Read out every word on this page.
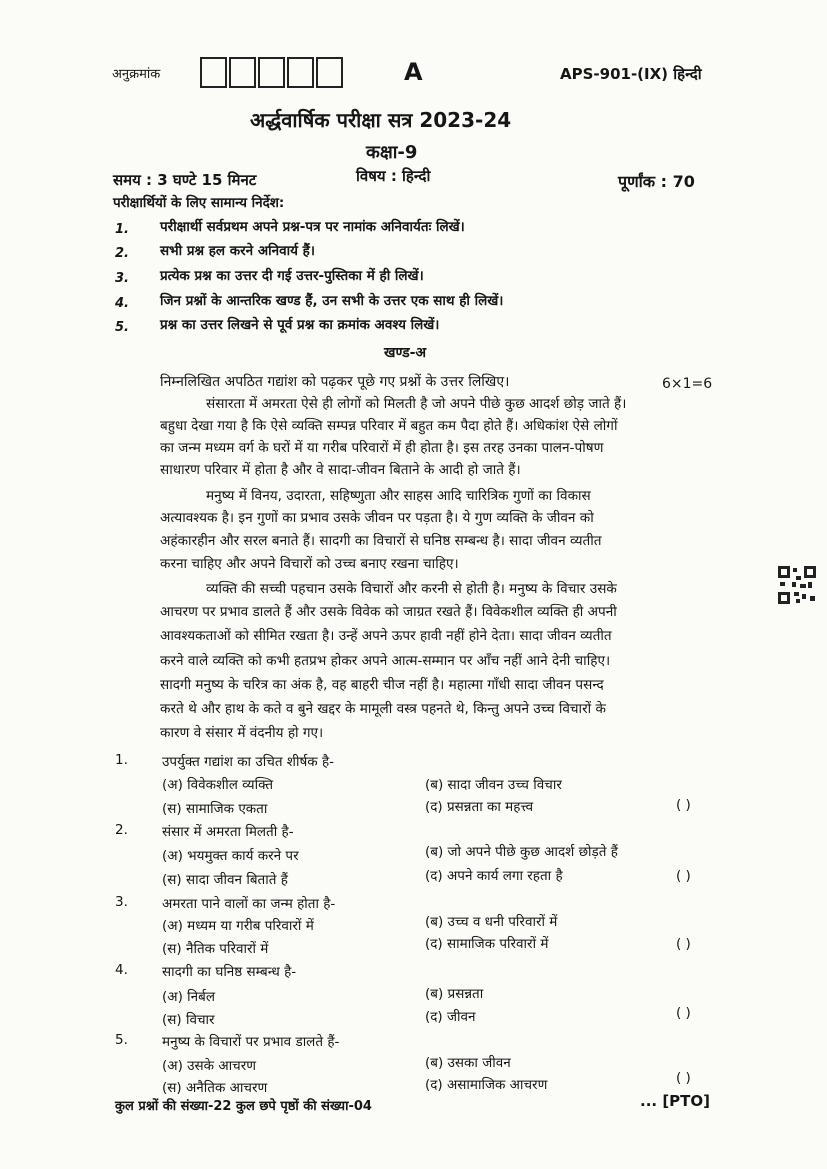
अनुक्रमांक	A	APS-901-(IX) हिन्दी
अर्द्धवार्षिक परीक्षा सत्र 2023-24
कक्षा-9
समय : 3 घण्टे 15 मिनट	विषय : हिन्दी	पूर्णांक : 70
परीक्षार्थियों के लिए सामान्य निर्देश:
1. परीक्षार्थी सर्वप्रथम अपने प्रश्न-पत्र पर नामांक अनिवार्यतः लिखें।
2. सभी प्रश्न हल करने अनिवार्य हैं।
3. प्रत्येक प्रश्न का उत्तर दी गई उत्तर-पुस्तिका में ही लिखें।
4. जिन प्रश्नों के आन्तरिक खण्ड हैं, उन सभी के उत्तर एक साथ ही लिखें।
5. प्रश्न का उत्तर लिखने से पूर्व प्रश्न का क्रमांक अवश्य लिखें।
खण्ड-अ
निम्नलिखित अपठित गद्यांश को पढ़कर पूछे गए प्रश्नों के उत्तर लिखिए।	6×1=6
संसारता में अमरता ऐसे ही लोगों को मिलती है जो अपने पीछे कुछ आदर्श छोड़ जाते हैं।
बहुधा देखा गया है कि ऐसे व्यक्ति सम्पन्न परिवार में बहुत कम पैदा होते हैं। अधिकांश ऐसे लोगों
का जन्म मध्यम वर्ग के घरों में या गरीब परिवारों में ही होता है। इस तरह उनका पालन-पोषण
साधारण परिवार में होता है और वे सादा-जीवन बिताने के आदी हो जाते हैं।
मनुष्य में विनय, उदारता, सहिष्णुता और साहस आदि चारित्रिक गुणों का विकास
अत्यावश्यक है। इन गुणों का प्रभाव उसके जीवन पर पड़ता है। ये गुण व्यक्ति के जीवन को
अहंकारहीन और सरल बनाते हैं। सादगी का विचारों से घनिष्ठ सम्बन्ध है। सादा जीवन व्यतीत
करना चाहिए और अपने विचारों को उच्च बनाए रखना चाहिए।
व्यक्ति की सच्ची पहचान उसके विचारों और करनी से होती है। मनुष्य के विचार उसके
आचरण पर प्रभाव डालते हैं और उसके विवेक को जाग्रत रखते हैं। विवेकशील व्यक्ति ही अपनी
आवश्यकताओं को सीमित रखता है। उन्हें अपने ऊपर हावी नहीं होने देता। सादा जीवन व्यतीत
करने वाले व्यक्ति को कभी हतप्रभ होकर अपने आत्म-सम्मान पर आँच नहीं आने देनी चाहिए।
सादगी मनुष्य के चरित्र का अंक है, वह बाहरी चीज नहीं है। महात्मा गाँधी सादा जीवन पसन्द
करते थे और हाथ के कते व बुने खद्दर के मामूली वस्त्र पहनते थे, किन्तु अपने उच्च विचारों के
कारण वे संसार में वंदनीय हो गए।
1.	उपर्युक्त गद्यांश का उचित शीर्षक है-
(अ) विवेकशील व्यक्ति	(ब) सादा जीवन उच्च विचार
(स) सामाजिक एकता	(द) प्रसन्नता का महत्त्व	( )
2.	संसार में अमरता मिलती है-
(अ) भयमुक्त कार्य करने पर	(ब) जो अपने पीछे कुछ आदर्श छोड़ते हैं
(स) सादा जीवन बिताते हैं	(द) अपने कार्य लगा रहता है	( )
3.	अमरता पाने वालों का जन्म होता है-
(अ) मध्यम या गरीब परिवारों में	(ब) उच्च व धनी परिवारों में
(स) नैतिक परिवारों में	(द) सामाजिक परिवारों में	( )
4.	सादगी का घनिष्ठ सम्बन्ध है-
(अ) निर्बल	(ब) प्रसन्नता
(स) विचार	(द) जीवन	( )
5.	मनुष्य के विचारों पर प्रभाव डालते हैं-
(अ) उसके आचरण	(ब) उसका जीवन
(स) अनैतिक आचरण	(द) असामाजिक आचरण	( )
कुल प्रश्नों की संख्या-22 कुल छपे पृष्ठों की संख्या-04	... [PTO]
